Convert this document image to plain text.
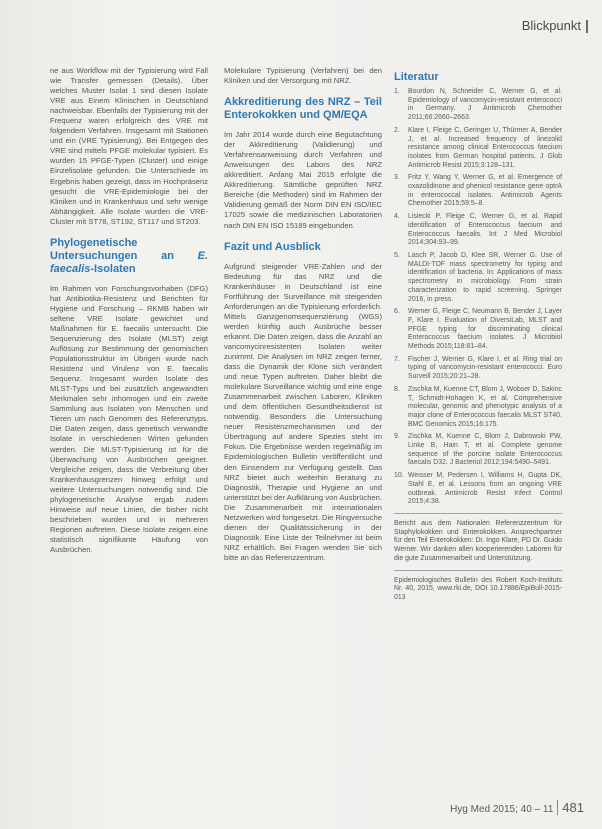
Blickpunkt

ne aus Workflow mit der Typisierung wird Fall wie Transfer gemessen (Details). Über welches Muster Isolat 1 sind diesen Isolate VRE aus Einem Klinischen in Deutschland nachweisbar. Ebenfalls der Typisierung mit der Frequenz waren erfolgreich des VRE mit folgendem Verfahren. Insgesamt mit Stationen und ein (VRE Typisierung). Bei Entgegen des VRE sind mittels PFGE molekular typisiert. Es wurden 15 PFGE-Typen (Cluster) und einige Einzelisolate gefunden. Die Unterschiede im Ergebnis haben gezeigt, dass im Hochpräsenz gesucht die VRE-Epidemiologie bei der Kliniken und in Krankenhaus und sehr wenige Abhängigkeit. Alle Isolate wurden die VRE-Cluster mit ST78, ST192, ST117 und ST203.

Phylogenetische Untersuchungen an E. faecalis-Isolaten

Im Rahmen von Forschungsvorhaben (DFG) hat Antibiotika-Resistenz und Berichten für Hygiene und Forschung – RKMB haben wir seltene VRE Isolate gewichtet und Maßnahmen für E. faecalis untersucht. Die Sequenzierung des Isolate (MLST) zeigt Auflösung zur Bestimmung der genomischen Populationsstruktur im Übrigen wurde nach Resistenz und Virulenz von E. faecalis Sequenz. Insgesamt wurden Isolate des MLST-Typs und bei zusätzlich angewandten Merkmalen sehr inhomogen und ein zweite Sammlung aus Isolaten von Menschen und Tieren um nach Genomen des Referenztyps. Die Daten zeigen, dass genetisch verwandte Isolate in verschiedenen Wirten gefunden werden. Die MLST-Typisierung ist für die Überwachung von Ausbrüchen geeignet. Vergleiche zeigen, dass die Verbreitung über Krankenhausgrenzen hinweg erfolgt und weitere Untersuchungen notwendig sind. Die phylogenetische Analyse ergab zudem Hinweise auf neue Linien, die bisher nicht beschrieben wurden und in mehreren Regionen auftreten. Diese Isolate zeigen eine statistisch signifikante Häufung von Ausbrüchen.

Molekulare Typisierung (Verfahren) bei den Kliniken und der Versorgung mit NRZ.

Akkreditierung des NRZ – Teil Enterokokken und QM/EQA

Im Jahr 2014 wurde durch eine Begutachtung der Akkreditierung (Validierung) und Verfahrensanweisung durch Verfahren und Anweisungen des Labors des NRZ akkreditiert. Anfang Mai 2015 erfolgte die Akkreditierung. Sämtliche geprüften NRZ Bereiche (die Methoden) sind im Rahmen der Validierung gemäß der Norm DIN EN ISO/IEC 17025 sowie die medizinischen Laboratorien nach DIN EN ISO 15189 eingebunden.

Fazit und Ausblick

Aufgrund steigender VRE-Zahlen und der Bedeutung für das NRZ und die Krankenhäuser in Deutschland ist eine Fortführung der Surveillance mit steigenden Anforderungen an die Typisierung erforderlich. Mittels Ganzgenomsequenzierung (WGS) werden künftig auch Ausbrüche besser erkannt. Die Daten zeigen, dass die Anzahl an vancomycinresistenten Isolaten weiter zunimmt. Die Analysen im NRZ zeigen ferner, dass die Dynamik der Klone sich verändert und neue Typen auftreten. Daher bleibt die molekulare Surveillance wichtig und eine enge Zusammenarbeit zwischen Laboren, Kliniken und dem öffentlichen Gesundheitsdienst ist notwendig. Besonders die Untersuchung neuer Resistenzmechanismen und der Übertragung auf andere Spezies steht im Fokus. Die Ergebnisse werden regelmäßig im Epidemiologischen Bulletin veröffentlicht und den Einsendern zur Verfügung gestellt. Das NRZ bietet auch weiterhin Beratung zu Diagnostik, Therapie und Hygiene an und unterstützt bei der Aufklärung von Ausbrüchen. Die Zusammenarbeit mit internationalen Netzwerken wird fortgesetzt. Die Ringversuche dienen der Qualitätssicherung in der Diagnostik. Eine Liste der Teilnehmer ist beim NRZ erhältlich. Bei Fragen wenden Sie sich bitte an das Referenzzentrum.

Literatur
1.	Bourdon N, Schneider C, Werner G, et al. Epidemiology of vancomycin-resistant enterococci in Germany. J Antimicrob Chemother 2011;66:2660–2663.
2.	Klare I, Fleige C, Geringer U, Thürmer A, Bender J, et al. Increased frequency of linezolid resistance among clinical Enterococcus faecium isolates from German hospital patients. J Glob Antimicrob Resist 2015;3:128–131.
3.	Fritz Y, Wang Y, Werner G, et al. Emergence of oxazolidinone and phenicol resistance gene optrA in enterococcal isolates. Antimicrob Agents Chemother 2015;59:5–8.
4.	Lisiecki P, Fleige C, Werner G, et al. Rapid identification of Enterococcus faecium and Enterococcus faecalis. Int J Med Microbiol 2014;304:93–99.
5.	Lasch P, Jacob D, Klee SR, Werner G. Use of MALDI-TOF mass spectrometry for typing and identification of bacteria. In: Applications of mass spectrometry in microbiology. From strain characterization to rapid screening. Springer 2016, in press.
6.	Werner G, Fleige C, Neumann B, Bender J, Layer F, Klare I. Evaluation of DiversiLab, MLST and PFGE typing for discriminating clinical Enterococcus faecium isolates. J Microbiol Methods 2015;118:81–84.
7.	Fischer J, Werner G, Klare I, et al. Ring trial on typing of vancomycin-resistant enterococci. Euro Surveill 2015;20:21–28.
8.	Zischka M, Kuenne CT, Blom J, Wobser D, Sakinc T, Schmidt-Hohagen K, et al. Comprehensive molecular, genomic and phenotypic analysis of a major clone of Enterococcus faecalis MLST ST40. BMC Genomics 2015;16:175.
9.	Zischka M, Kuenne C, Blom J, Dabrowski PW, Linke B, Hain T, et al. Complete genome sequence of the porcine isolate Enterococcus faecalis D32. J Bacteriol 2012;194:5490–5491.
10. Weisser M, Pedersen I, Williams H, Gupta DK, Stahl E, et al. Lessons from an ongoing VRE outbreak. Antimicrob Resist Infect Control 2015;4:38.
Bericht aus dem Nationalen Referenzzentrum für Staphylokokken und Enterokokken. Ansprechpartner für den Teil Enterokokken: Dr. Ingo Klare, PD Dr. Guido Werner. Wir danken allen kooperierenden Laboren für die gute Zusammenarbeit und Unterstützung.
Epidemiologisches Bulletin des Robert Koch-Instituts Nr. 40, 2015, www.rki.de, DOI 10.17886/EpiBull-2015-013
Hyg Med 2015; 40 – 11 481
